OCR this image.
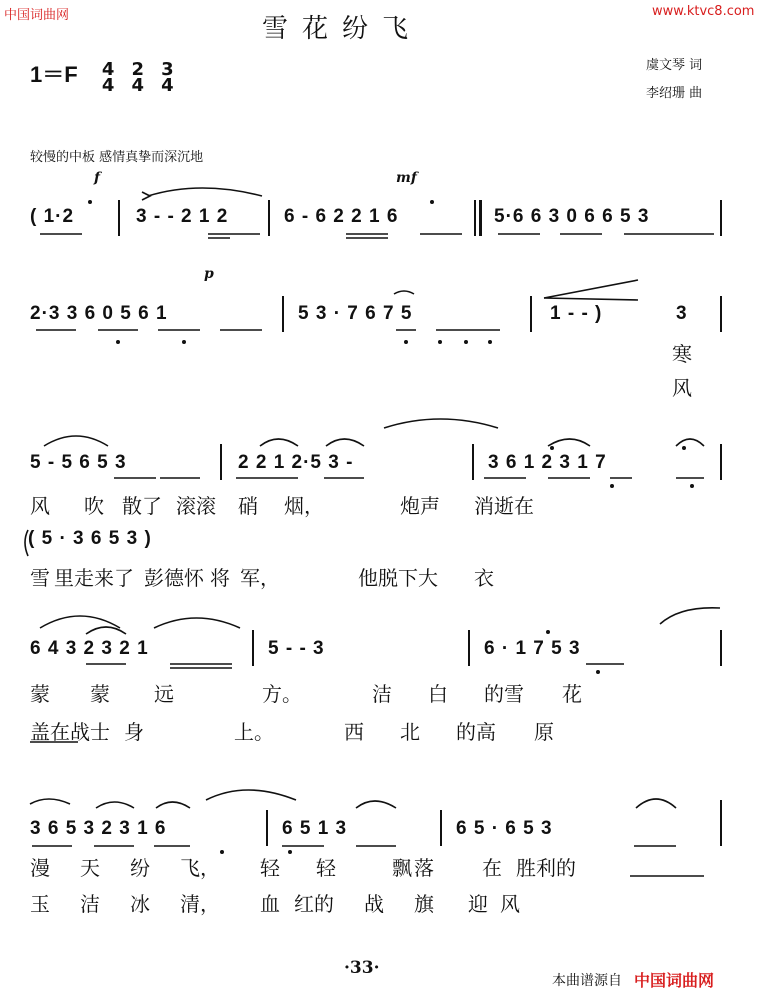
中国词曲网	www.ktvc8.com
雪花纷飞
虞文琴 词
李绍珊 曲
1＝F 4
4

2
4

3
4
较慢的中板 感情真挚而深沉地
f	mf
p
( 1·2	3 - - 2 1 2	6 - 6 2 2 1 6	5·6 6 3 0 6 6 5 3
2·3 3 6 0 5 6 1	5 3 · 7 6 7 5	1 - - )	3
寒
风
5 - 5 6 5 3	2 2 1 2·5 3 -	3 6 1 2 3 1 7
风 吹 散了 滚滚 硝 烟，	炮声 消逝在
( 5 · 3 6 5 3 )
雪 里走来了 彭德怀 将 军，	他脱下大 衣
6 4 3 2 3 2 1	5 - - 3	6 · 1 7 5 3
蒙 蒙 远	方。	洁 白 的雪 花
盖在战士 身	上。	西 北 的高 原
3 6 5 3 2 3 1 6	6 5 1 3	6 5 · 6 5 3
漫 天 纷 飞， 轻 轻	飘 落 在 胜利的
玉 洁 冰 清， 血 红的 战 旗 迎 风
·33·
本曲谱源自 中国词曲网
